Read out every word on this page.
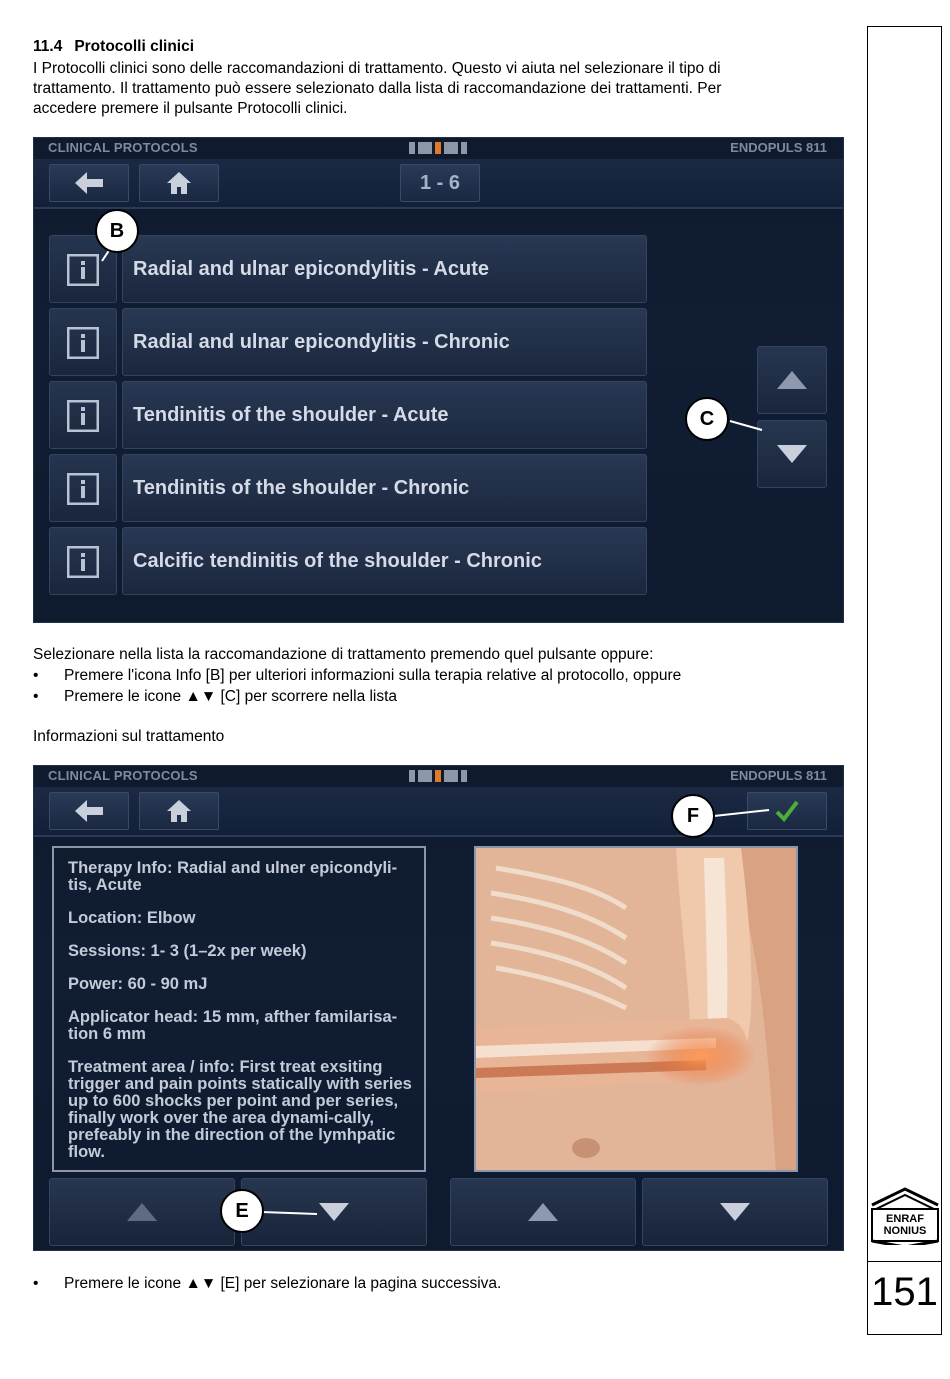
11.4 Protocolli clinici
I Protocolli clinici sono delle raccomandazioni di trattamento. Questo vi aiuta nel selezionare il tipo di
trattamento. Il trattamento può essere selezionato dalla lista di raccomandazione dei trattamenti. Per
accedere premere il pulsante Protocolli clinici.
CLINICAL PROTOCOLS	ENDOPULS 811
1 - 6
Radial and ulnar epicondylitis - Acute
Radial and ulnar epicondylitis - Chronic
Tendinitis of the shoulder - Acute
Tendinitis of the shoulder - Chronic
Calcific tendinitis of the shoulder - Chronic
B
C
Selezionare nella lista la raccomandazione di trattamento premendo quel pulsante oppure:
• Premere l'icona Info [B] per ulteriori informazioni sulla terapia relative al protocollo, oppure
• Premere le icone ▲▼ [C] per scorrere nella lista
Informazioni sul trattamento
CLINICAL PROTOCOLS	ENDOPULS 811

Therapy Info: Radial and ulner epicondyli-tis, Acute

Location: Elbow

Sessions: 1- 3 (1–2x per week)

Power: 60 - 90 mJ

Applicator head: 15 mm, afther familarisa-tion 6 mm

Treatment area / info: First treat exsiting trigger and pain points statically with series up to 600 shocks per point and per series, finally work over the area dynami-cally, prefeably in the direction of the lymhpatic flow.

F
E
• Premere le icone ▲▼ [E] per selezionare la pagina successiva.
ENRAF
NONIUS
151
